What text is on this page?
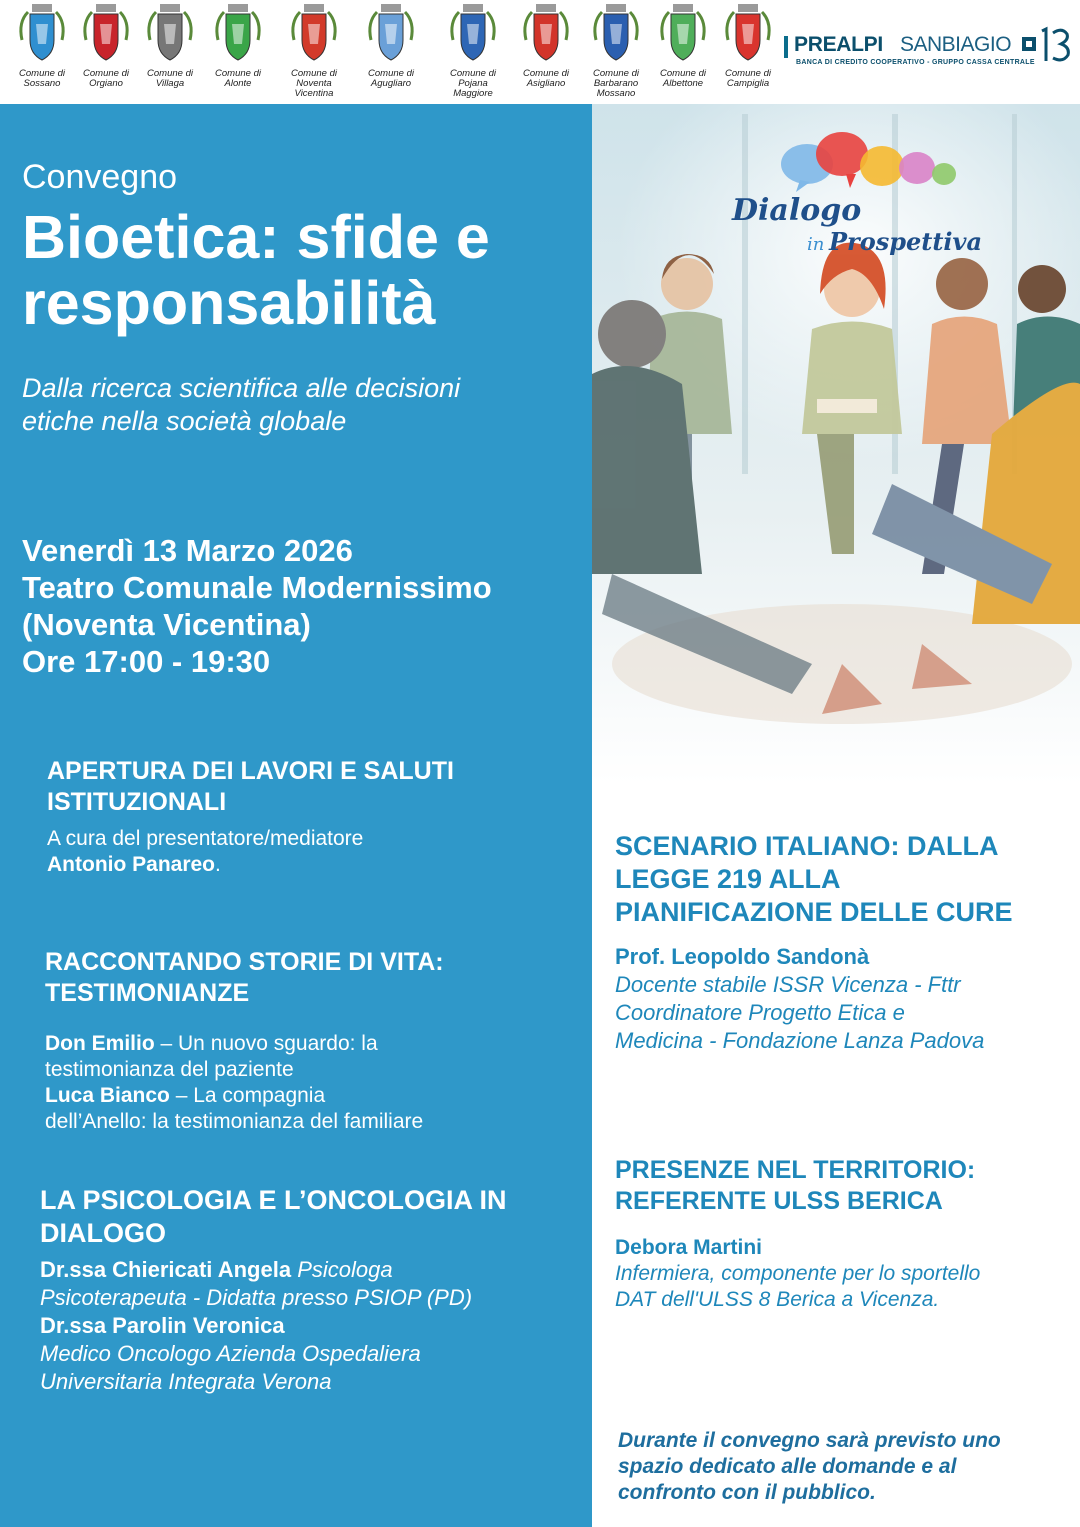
Comune di
Sossano
Comune di
Orgiano
Comune di
Villaga
Comune di
Alonte
Comune di
Noventa
Vicentina
Comune di
Agugliaro
Comune di
Pojana
Maggiore
Comune di
Asigliano
Comune di
Barbarano
Mossano
Comune di
Albettone
Comune di
Campiglia
PREALPI SANBIAGIO
BANCA DI CREDITO COOPERATIVO - GRUPPO CASSA CENTRALE
Convegno
Bioetica: sfide e responsabilità
Dalla ricerca scientifica alle decisioni etiche nella società globale
Venerdì 13 Marzo 2026
Teatro Comunale Modernissimo
(Noventa Vicentina)
Ore 17:00 - 19:30
APERTURA DEI LAVORI E SALUTI ISTITUZIONALI
A cura del presentatore/mediatore
Antonio Panareo.
RACCONTANDO STORIE DI VITA: TESTIMONIANZE
Don Emilio – Un nuovo sguardo: la testimonianza del paziente
Luca Bianco – La compagnia dell’Anello: la testimonianza del familiare
LA PSICOLOGIA E L’ONCOLOGIA IN DIALOGO
Dr.ssa Chiericati Angela Psicologa Psicoterapeuta - Didatta presso PSIOP (PD)
Dr.ssa Parolin Veronica
Medico Oncologo Azienda Ospedaliera Universitaria Integrata Verona
Dialogo
in Prospettiva
SCENARIO ITALIANO: DALLA LEGGE 219 ALLA PIANIFICAZIONE DELLE CURE
Prof. Leopoldo Sandonà
Docente stabile ISSR Vicenza - Fttr
Coordinatore Progetto Etica e Medicina - Fondazione Lanza Padova
PRESENZE NEL TERRITORIO: REFERENTE ULSS BERICA
Debora Martini
Infermiera, componente per lo sportello DAT dell'ULSS 8 Berica a Vicenza.
Durante il convegno sarà previsto uno spazio dedicato alle domande e al confronto con il pubblico.
